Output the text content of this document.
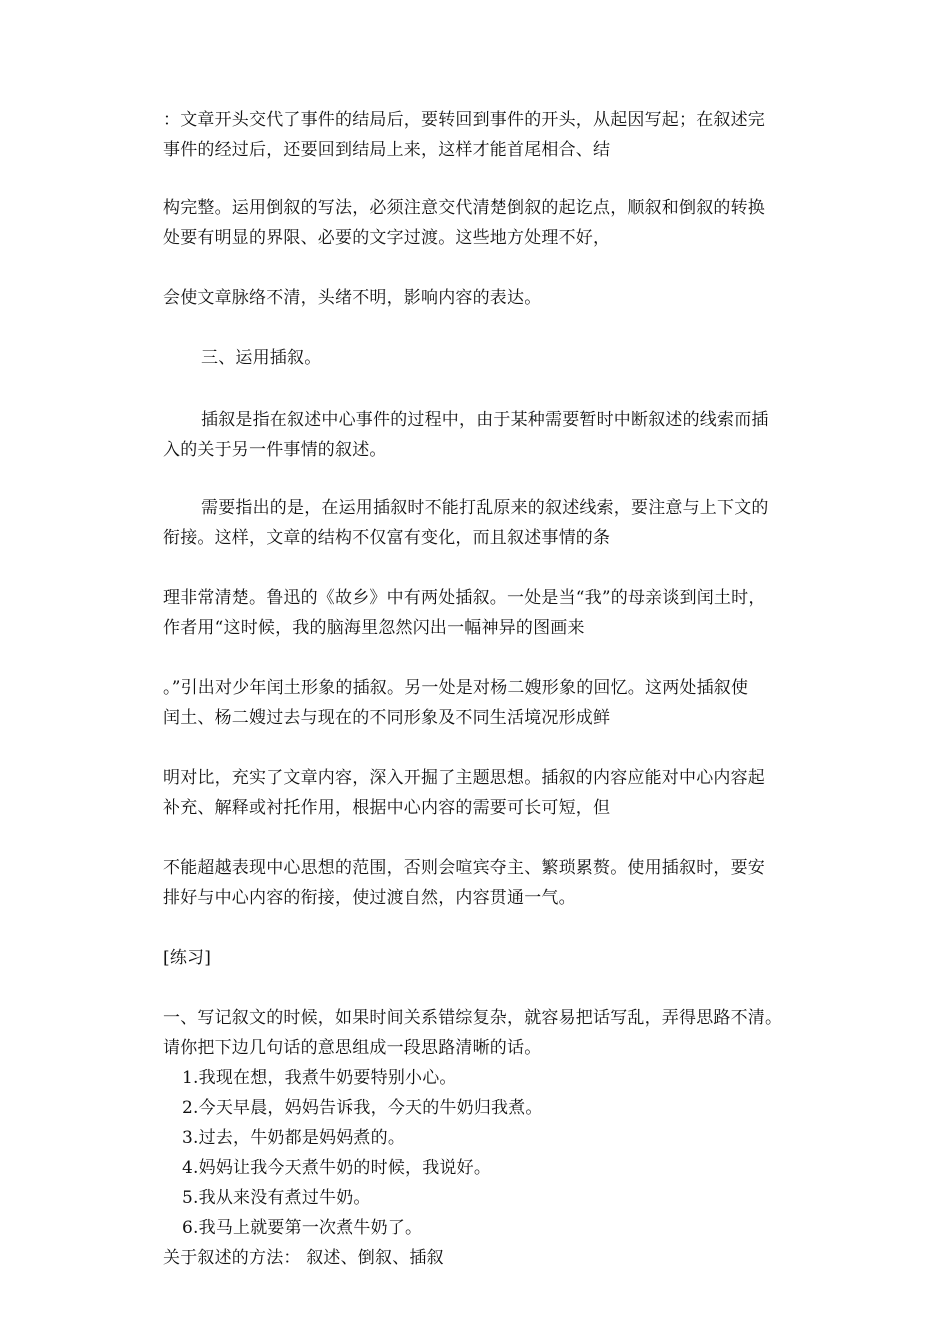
：文章开头交代了事件的结局后，要转回到事件的开头，从起因写起；在叙述完
事件的经过后，还要回到结局上来，这样才能首尾相合、结
构完整。运用倒叙的写法，必须注意交代清楚倒叙的起讫点，顺叙和倒叙的转换
处要有明显的界限、必要的文字过渡。这些地方处理不好，
会使文章脉络不清，头绪不明，影响内容的表达。
三、运用插叙。
插叙是指在叙述中心事件的过程中，由于某种需要暂时中断叙述的线索而插
入的关于另一件事情的叙述。
需要指出的是，在运用插叙时不能打乱原来的叙述线索，要注意与上下文的
衔接。这样，文章的结构不仅富有变化，而且叙述事情的条
理非常清楚。鲁迅的《故乡》中有两处插叙。一处是当“我”的母亲谈到闰土时，
作者用“这时候，我的脑海里忽然闪出一幅神异的图画来
。”引出对少年闰土形象的插叙。另一处是对杨二嫂形象的回忆。这两处插叙使
闰土、杨二嫂过去与现在的不同形象及不同生活境况形成鲜
明对比，充实了文章内容，深入开掘了主题思想。插叙的内容应能对中心内容起
补充、解释或衬托作用，根据中心内容的需要可长可短，但
不能超越表现中心思想的范围，否则会喧宾夺主、繁琐累赘。使用插叙时，要安
排好与中心内容的衔接，使过渡自然，内容贯通一气。
[练习]
一、写记叙文的时候，如果时间关系错综复杂，就容易把话写乱，弄得思路不清。
请你把下边几句话的意思组成一段思路清晰的话。
1.我现在想，我煮牛奶要特别小心。
2.今天早晨，妈妈告诉我，今天的牛奶归我煮。
3.过去，牛奶都是妈妈煮的。
4.妈妈让我今天煮牛奶的时候，我说好。
5.我从来没有煮过牛奶。
6.我马上就要第一次煮牛奶了。
关于叙述的方法： 叙述、倒叙、插叙
